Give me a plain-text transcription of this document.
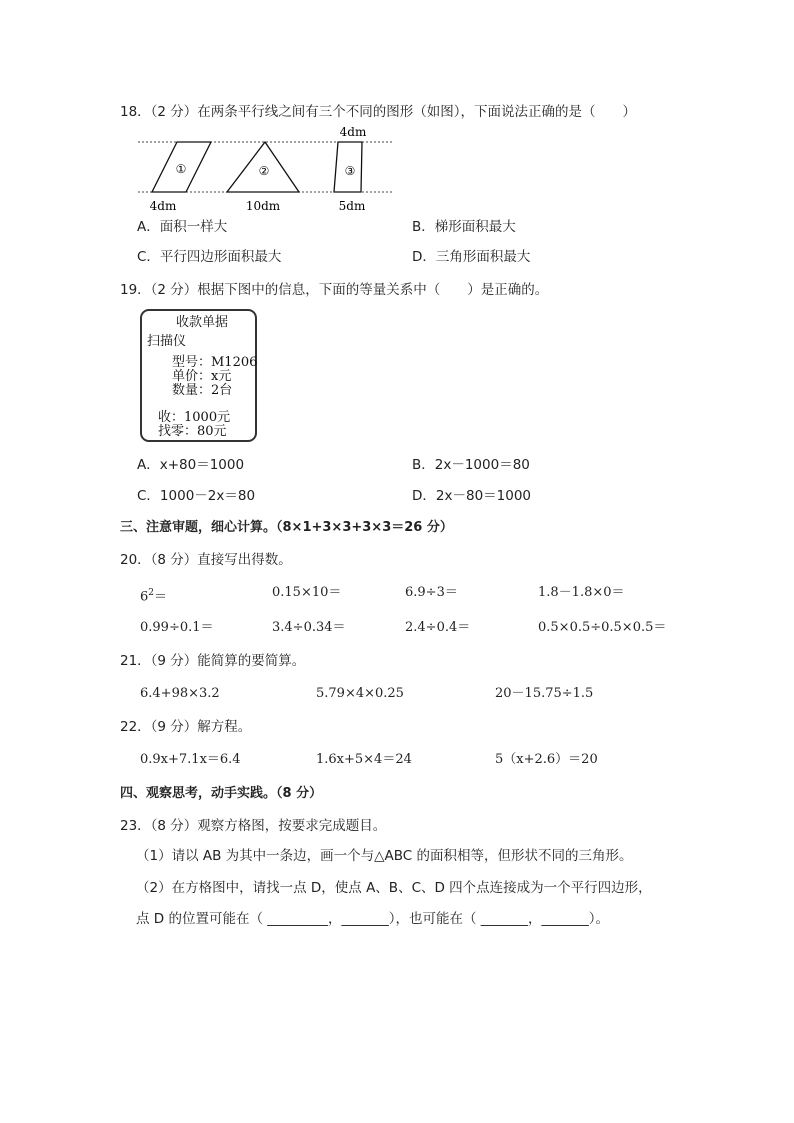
18．（2 分）在两条平行线之间有三个不同的图形（如图），下面说法正确的是（　　）
①	②	③
4dm
4dm	10dm	5dm
A．面积一样大	B．梯形面积最大
C．平行四边形面积最大	D．三角形面积最大
19．（2 分）根据下图中的信息，下面的等量关系中（　　）是正确的。
收款单据
扫描仪
型号：M1206
单价：x元
数量：2台
收：1000元
找零：80元
A．x+80＝1000	B．2x－1000＝80
C．1000－2x＝80	D．2x－80＝1000
三、注意审题，细心计算。（8×1+3×3+3×3＝26 分）
20．（8 分）直接写出得数。
$6^2=$	0.15×10＝	6.9÷3＝	1.8－1.8×0＝
0.99÷0.1＝	3.4÷0.34＝	2.4÷0.4＝	0.5×0.5÷0.5×0.5＝
21．（9 分）能简算的要简算。
6.4+98×3.2	5.79×4×0.25	20－15.75÷1.5
22．（9 分）解方程。
0.9x+7.1x＝6.4	1.6x+5×4＝24	5（x+2.6）＝20
四、观察思考，动手实践。（8 分）
23．（8 分）观察方格图，按要求完成题目。
（1）请以 AB 为其中一条边，画一个与△ABC 的面积相等，但形状不同的三角形。
（2）在方格图中，请找一点 D，使点 A、B、C、D 四个点连接成为一个平行四边形，
点 D 的位置可能在（ _________，_______），也可能在（ _______，_______）。
